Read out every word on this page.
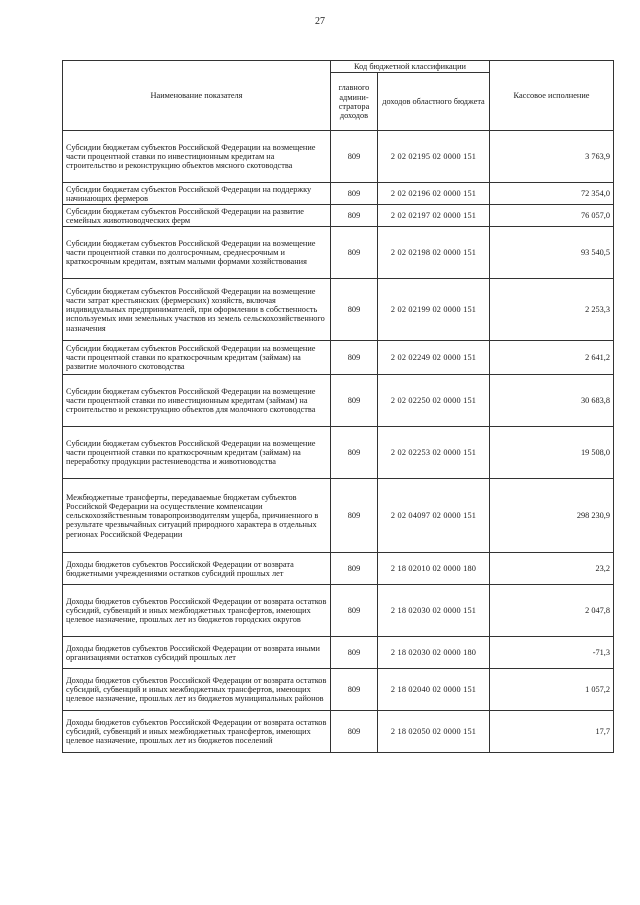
27
Наименование показателя	Код бюджетной классификации		Кассовое исполнение
	главного админи-стратора доходов	доходов областного бюджета	
Субсидии бюджетам субъектов Российской Федерации на возмещение части процентной ставки по инвестиционным кредитам на строительство и реконструкцию объектов мясного скотоводства	809	2 02 02195 02 0000 151	3 763,9
Субсидии бюджетам субъектов Российской Федерации на поддержку начинающих фермеров	809	2 02 02196 02 0000 151	72 354,0
Субсидии бюджетам субъектов Российской Федерации на развитие семейных животноводческих ферм	809	2 02 02197 02 0000 151	76 057,0
Субсидии бюджетам субъектов Российской Федерации на возмещение части процентной ставки по долгосрочным, среднесрочным и краткосрочным кредитам, взятым малыми формами хозяйствования	809	2 02 02198 02 0000 151	93 540,5
Субсидии бюджетам субъектов Российской Федерации на возмещение части затрат крестьянских (фермерских) хозяйств, включая индивидуальных предпринимателей, при оформлении в собственность используемых ими земельных участков из земель сельскохозяйственного назначения	809	2 02 02199 02 0000 151	2 253,3
Субсидии бюджетам субъектов Российской Федерации на возмещение части процентной ставки по краткосрочным кредитам (займам) на развитие молочного скотоводства	809	2 02 02249 02 0000 151	2 641,2
Субсидии бюджетам субъектов Российской Федерации на возмещение части процентной ставки по инвестиционным кредитам (займам) на строительство и реконструкцию объектов для молочного скотоводства	809	2 02 02250 02 0000 151	30 683,8
Субсидии бюджетам субъектов Российской Федерации на возмещение части процентной ставки по краткосрочным кредитам (займам) на переработку продукции растениеводства и животноводства	809	2 02 02253 02 0000 151	19 508,0
Межбюджетные трансферты, передаваемые бюджетам субъектов Российской Федерации на осуществление компенсации сельскохозяйственным товаропроизводителям ущерба, причиненного в результате чрезвычайных ситуаций природного характера в отдельных регионах Российской Федерации	809	2 02 04097 02 0000 151	298 230,9
Доходы бюджетов субъектов Российской Федерации от возврата бюджетными учреждениями остатков субсидий прошлых лет	809	2 18 02010 02 0000 180	23,2
Доходы бюджетов субъектов Российской Федерации от возврата остатков субсидий, субвенций и иных межбюджетных трансфертов, имеющих целевое назначение, прошлых лет из бюджетов городских округов	809	2 18 02030 02 0000 151	2 047,8
Доходы бюджетов субъектов Российской Федерации от возврата иными организациями остатков субсидий прошлых лет	809	2 18 02030 02 0000 180	-71,3
Доходы бюджетов субъектов Российской Федерации от возврата остатков субсидий, субвенций и иных межбюджетных трансфертов, имеющих целевое назначение, прошлых лет из бюджетов муниципальных районов	809	2 18 02040 02 0000 151	1 057,2
Доходы бюджетов субъектов Российской Федерации от возврата остатков субсидий, субвенций и иных межбюджетных трансфертов, имеющих целевое назначение, прошлых лет из бюджетов поселений	809	2 18 02050 02 0000 151	17,7
